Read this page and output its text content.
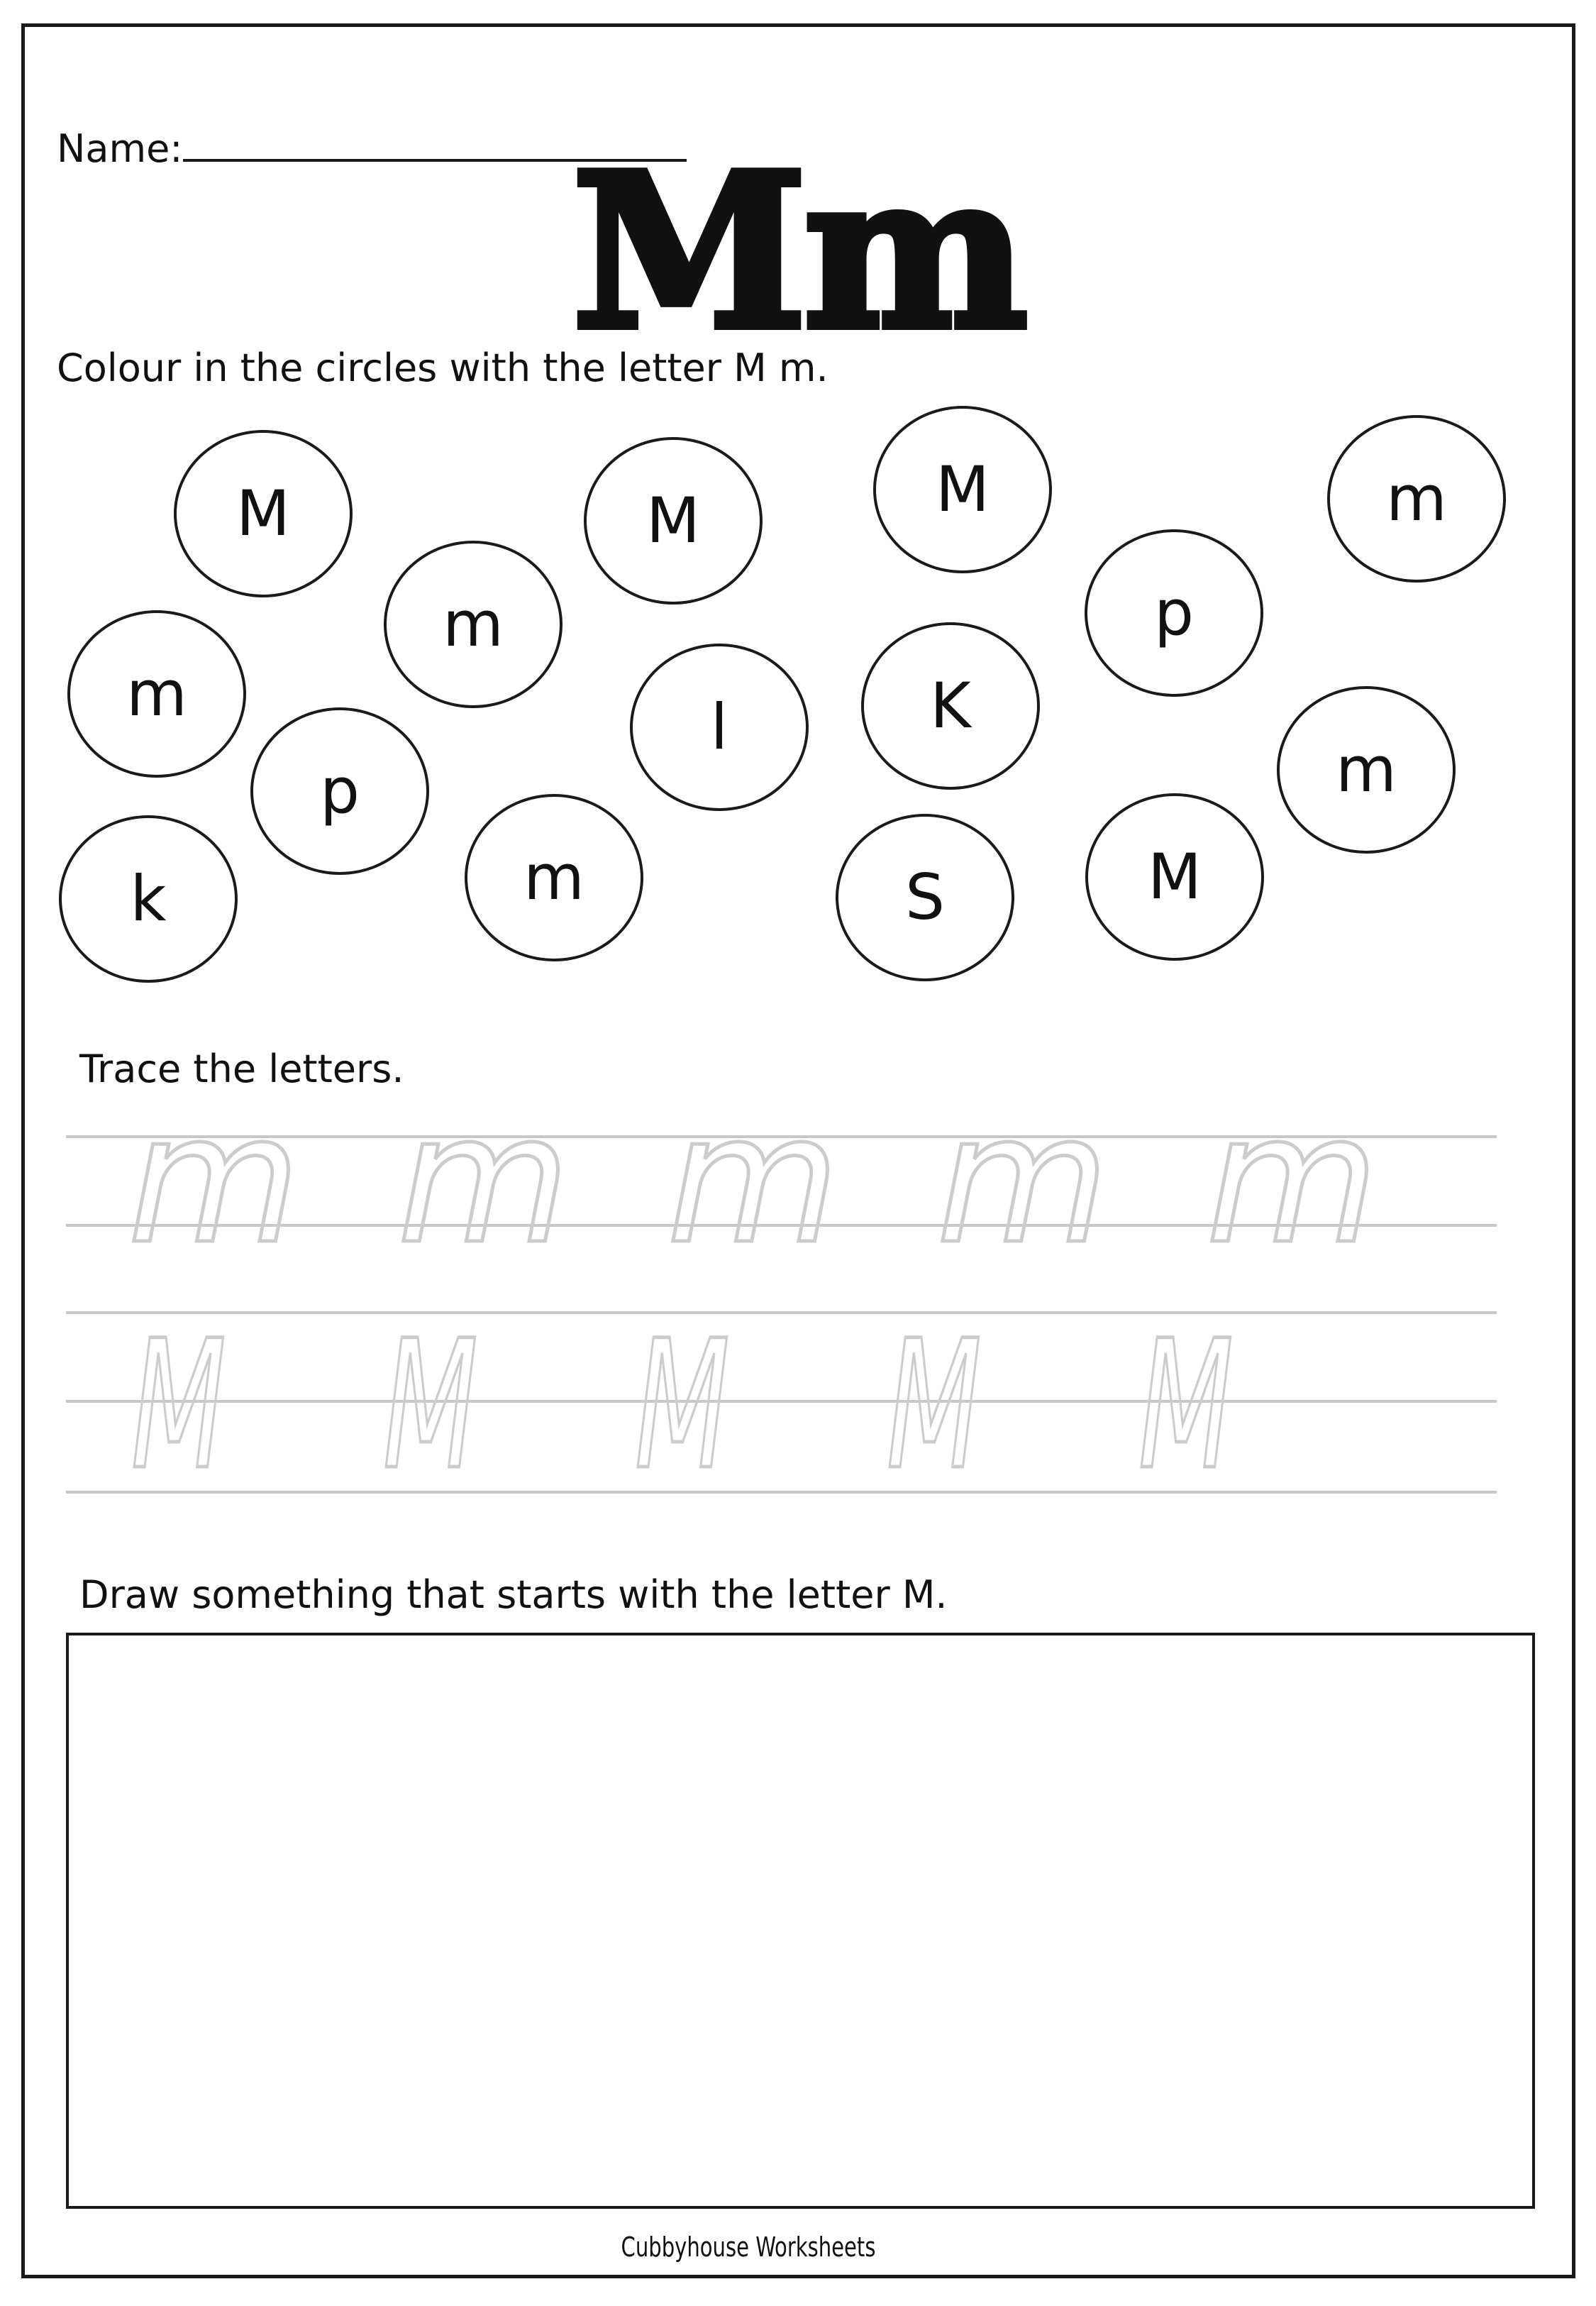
Name:	Mm
Colour in the circles with the letter M m.
M	M	M	m
m	p
m	l	K
p	m
k	m	S	M
Trace the letters.
m m m m m
M M M M M
Draw something that starts with the letter M.
Cubbyhouse Worksheets
